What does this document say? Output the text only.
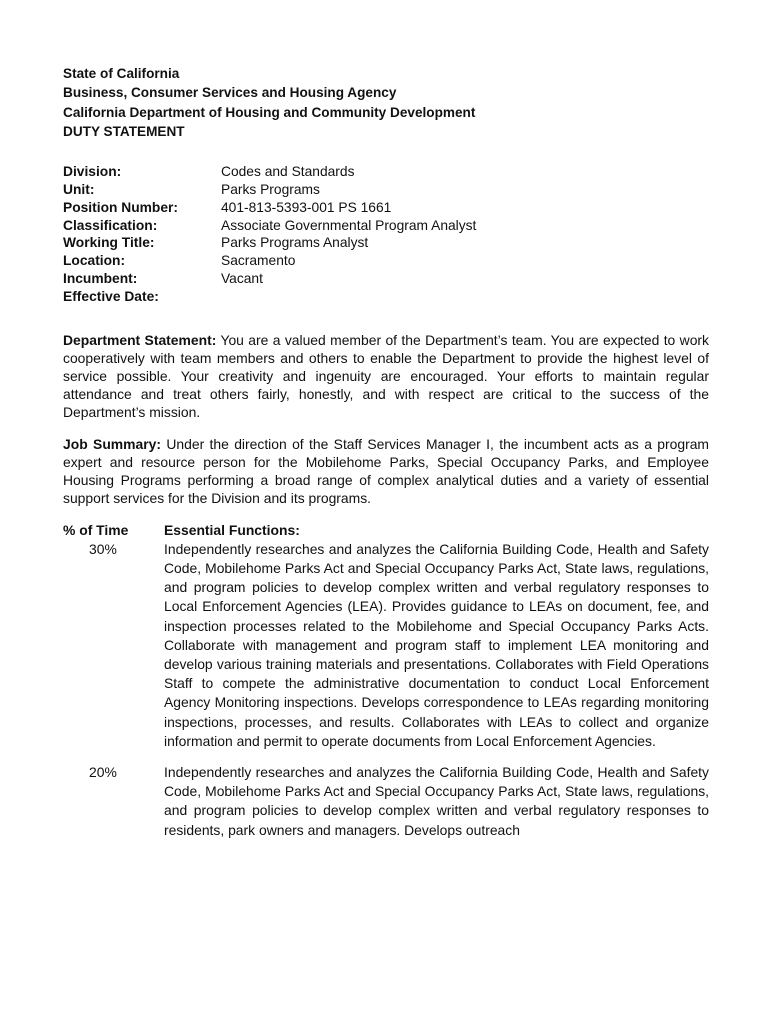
State of California

Business, Consumer Services and Housing Agency

California Department of Housing and Community Development

DUTY STATEMENT

Division:	Codes and Standards
Unit:	Parks Programs
Position Number:	401-813-5393-001 PS 1661
Classification:	Associate Governmental Program Analyst
Working Title:	Parks Programs Analyst
Location:	Sacramento
Incumbent:	Vacant
Effective Date:

Department Statement: You are a valued member of the Department’s team. You are expected to work cooperatively with team members and others to enable the Department to provide the highest level of service possible. Your creativity and ingenuity are encouraged. Your efforts to maintain regular attendance and treat others fairly, honestly, and with respect are critical to the success of the Department’s mission.

Job Summary: Under the direction of the Staff Services Manager I, the incumbent acts as a program expert and resource person for the Mobilehome Parks, Special Occupancy Parks, and Employee Housing Programs performing a broad range of complex analytical duties and a variety of essential support services for the Division and its programs.

% of Time	Essential Functions:
30%	Independently researches and analyzes the California Building Code, Health and Safety Code, Mobilehome Parks Act and Special Occupancy Parks Act, State laws, regulations, and program policies to develop complex written and verbal regulatory responses to Local Enforcement Agencies (LEA). Provides guidance to LEAs on document, fee, and inspection processes related to the Mobilehome and Special Occupancy Parks Acts. Collaborate with management and program staff to implement LEA monitoring and develop various training materials and presentations. Collaborates with Field Operations Staff to compete the administrative documentation to conduct Local Enforcement Agency Monitoring inspections. Develops correspondence to LEAs regarding monitoring inspections, processes, and results. Collaborates with LEAs to collect and organize information and permit to operate documents from Local Enforcement Agencies.
20%	Independently researches and analyzes the California Building Code, Health and Safety Code, Mobilehome Parks Act and Special Occupancy Parks Act, State laws, regulations, and program policies to develop complex written and verbal regulatory responses to residents, park owners and managers. Develops outreach
